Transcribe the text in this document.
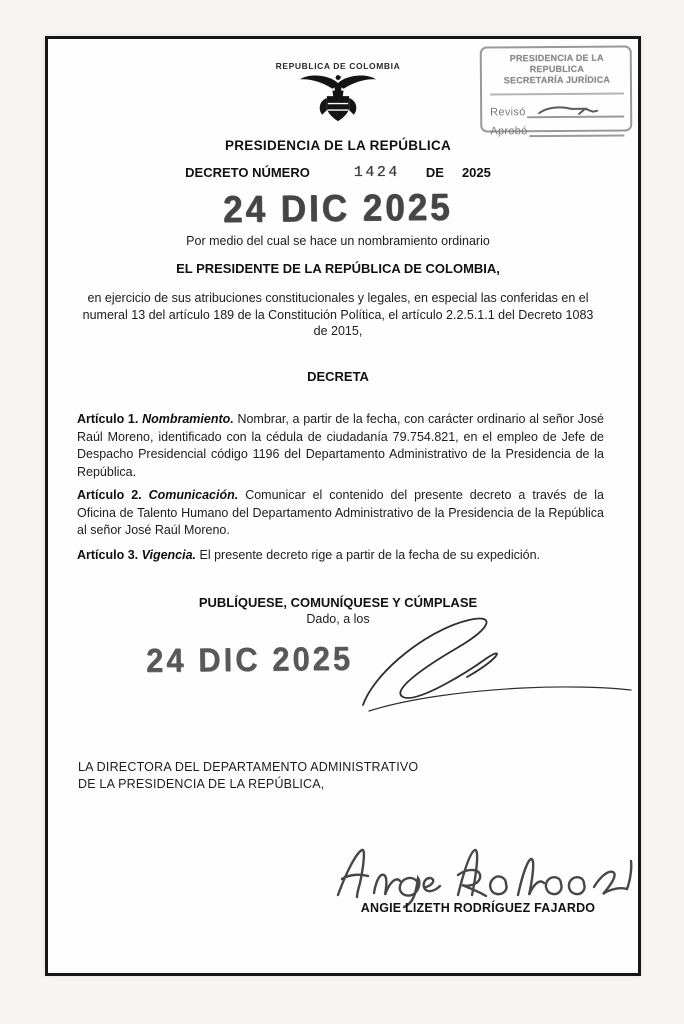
PRESIDENCIA DE LA REPUBLICA
SECRETARÍA JURÍDICA
Revisó
Aprobó
REPUBLICA DE COLOMBIA
PRESIDENCIA DE LA REPÚBLICA
DECRETO NÚMERO	1424 DE 2025
24 DIC 2025
Por medio del cual se hace un nombramiento ordinario
EL PRESIDENTE DE LA REPÚBLICA DE COLOMBIA,
en ejercicio de sus atribuciones constitucionales y legales, en especial las conferidas en el numeral 13 del artículo 189 de la Constitución Política, el artículo 2.2.5.1.1 del Decreto 1083 de 2015,
DECRETA

Artículo 1. Nombramiento. Nombrar, a partir de la fecha, con carácter ordinario al señor José Raúl Moreno, identificado con la cédula de ciudadanía 79.754.821, en el empleo de Jefe de Despacho Presidencial código 1196 del Departamento Administrativo de la Presidencia de la República.

Artículo 2. Comunicación. Comunicar el contenido del presente decreto a través de la Oficina de Talento Humano del Departamento Administrativo de la Presidencia de la República al señor José Raúl Moreno.

Artículo 3. Vigencia. El presente decreto rige a partir de la fecha de su expedición.

PUBLÍQUESE, COMUNÍQUESE Y CÚMPLASE
Dado, a los
24 DIC 2025
LA DIRECTORA DEL DEPARTAMENTO ADMINISTRATIVO
DE LA PRESIDENCIA DE LA REPÚBLICA,
ANGIE LIZETH RODRÍGUEZ FAJARDO
